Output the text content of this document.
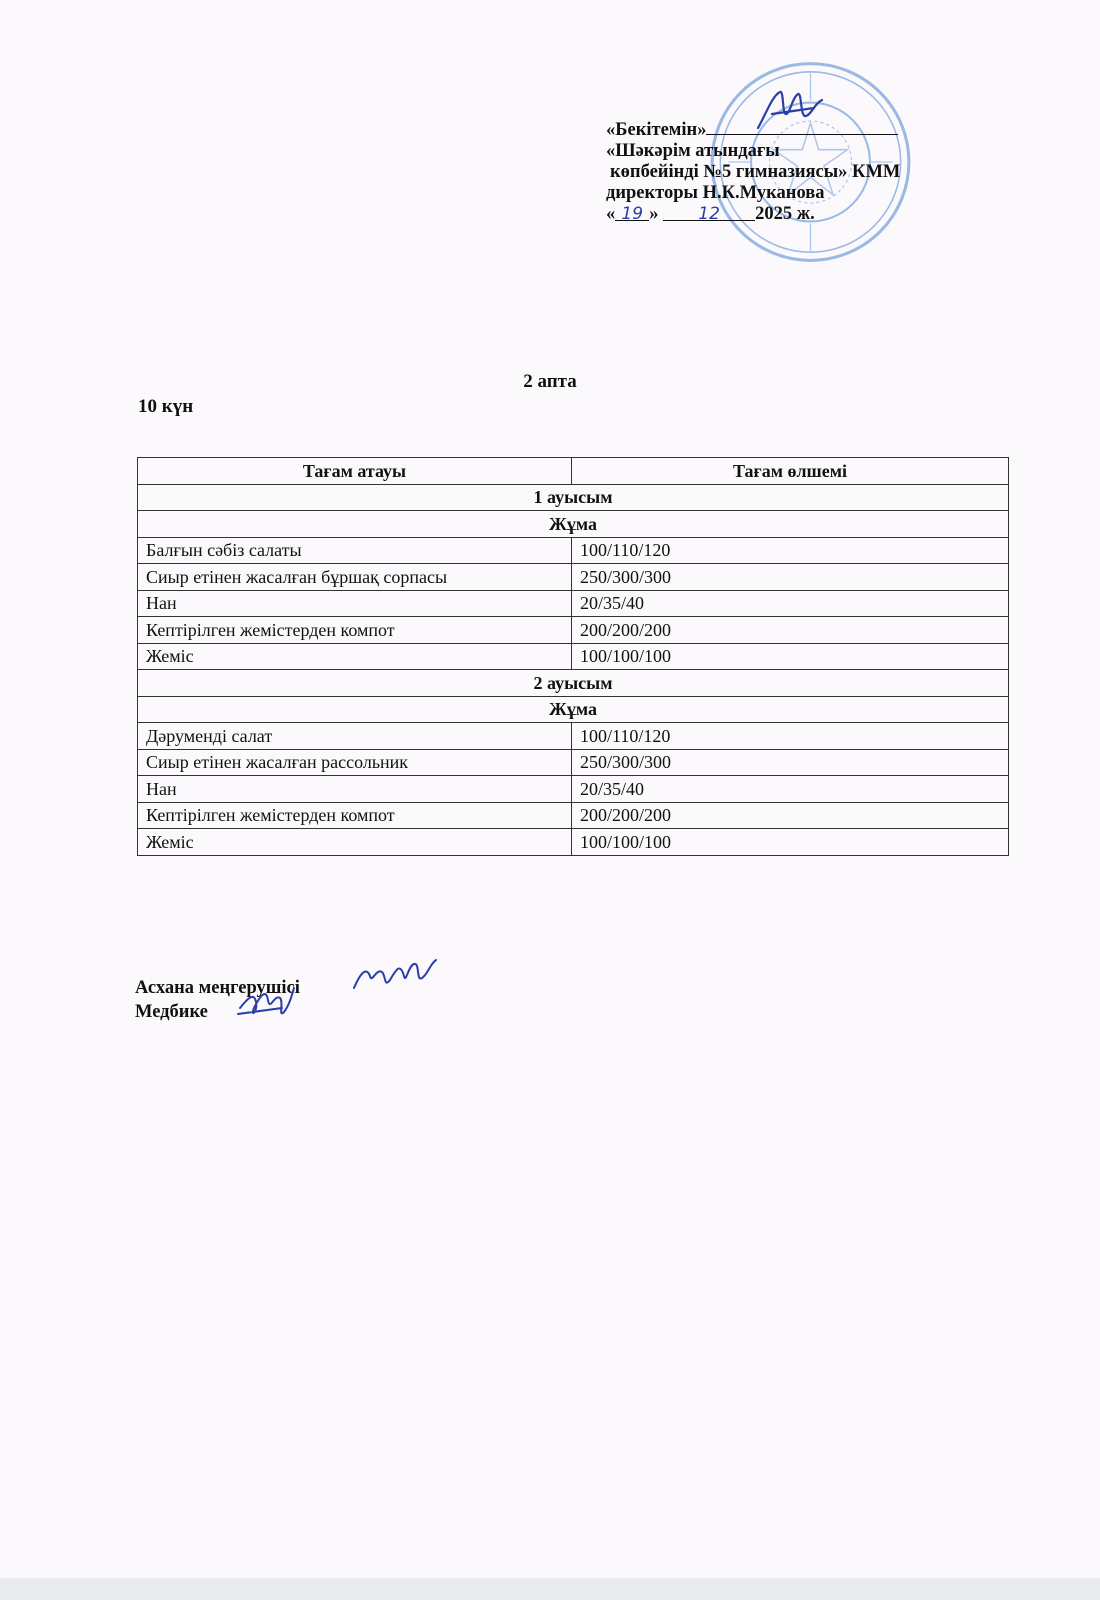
«Бекітемін»
«Шәкәрім атындағы
көпбейінді №5 гимназиясы» КММ
директоры Н.К.Муканова
« 19 » 12 2025 ж.
2 апта
10 күн
Тағам атауы	Тағам өлшемі
1 ауысым	
Жұма	
Балғын сәбіз салаты	100/110/120
Сиыр етінен жасалған бұршақ сорпасы	250/300/300
Нан	20/35/40
Кептірілген жемістерден компот	200/200/200
Жеміс	100/100/100
2 ауысым	
Жұма	
Дәруменді салат	100/110/120
Сиыр етінен жасалған рассольник	250/300/300
Нан	20/35/40
Кептірілген жемістерден компот	200/200/200
Жеміс	100/100/100
Асхана меңгерушісі
Медбике
